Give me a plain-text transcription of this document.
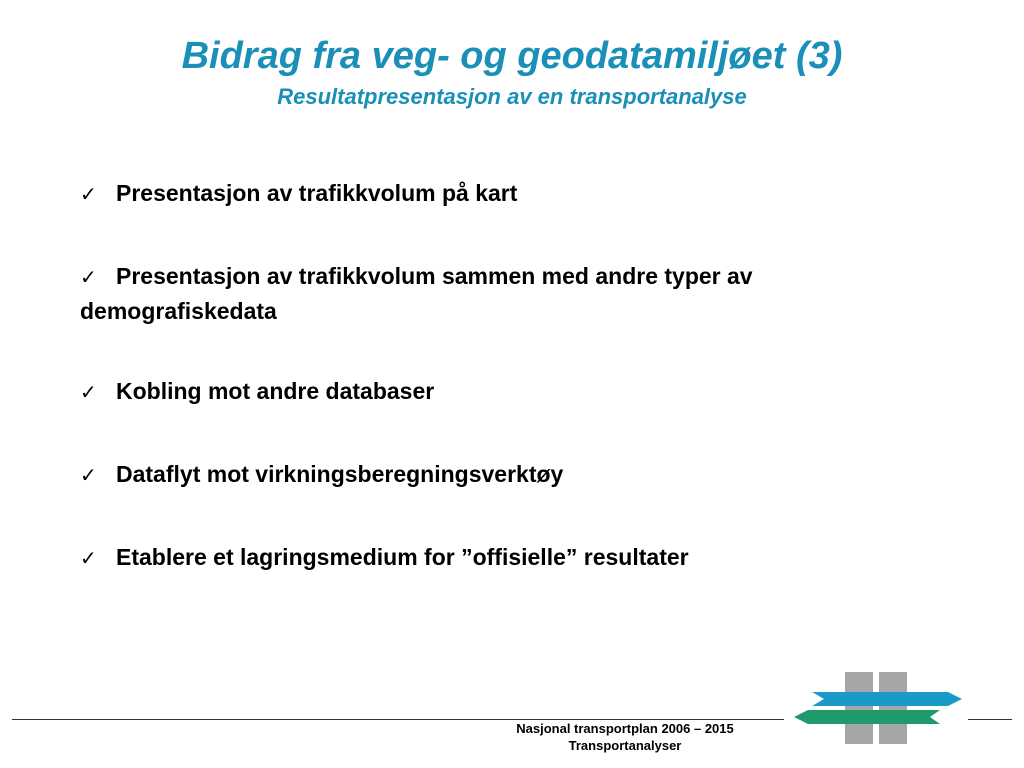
Bidrag fra veg- og geodatamiljøet (3)
Resultatpresentasjon av en transportanalyse
✓ Presentasjon av trafikkvolum på kart
✓ Presentasjon av trafikkvolum sammen med andre typer av demografiskedata
✓ Kobling mot andre databaser
✓ Dataflyt mot virkningsberegningsverktøy
✓ Etablere et lagringsmedium for ”offisielle” resultater
Nasjonal transportplan 2006 – 2015
Transportanalyser
